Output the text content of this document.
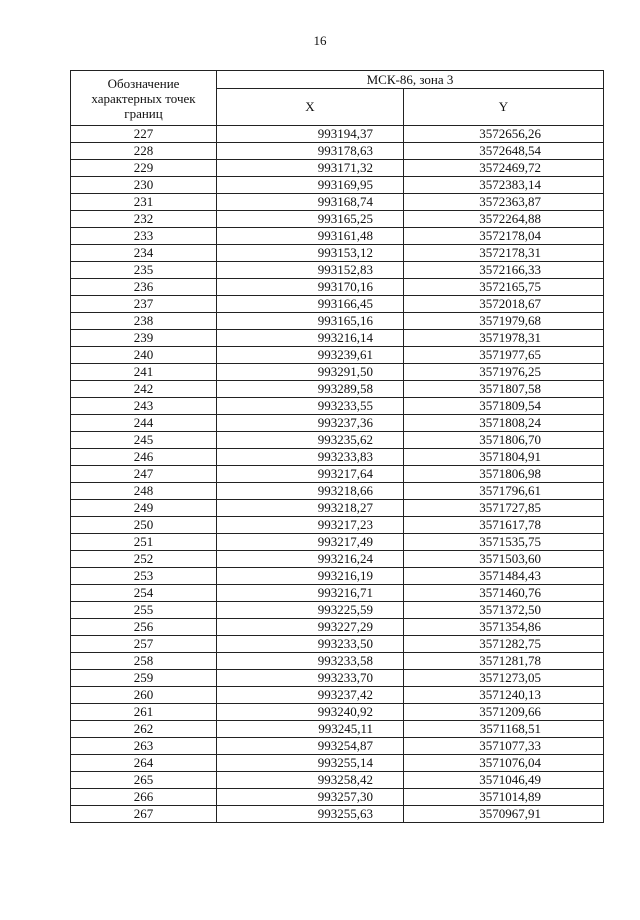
16
Обозначение характерных точек границ	МСК-86, зона 3	
	X	Y
227	993194,37	3572656,26
228	993178,63	3572648,54
229	993171,32	3572469,72
230	993169,95	3572383,14
231	993168,74	3572363,87
232	993165,25	3572264,88
233	993161,48	3572178,04
234	993153,12	3572178,31
235	993152,83	3572166,33
236	993170,16	3572165,75
237	993166,45	3572018,67
238	993165,16	3571979,68
239	993216,14	3571978,31
240	993239,61	3571977,65
241	993291,50	3571976,25
242	993289,58	3571807,58
243	993233,55	3571809,54
244	993237,36	3571808,24
245	993235,62	3571806,70
246	993233,83	3571804,91
247	993217,64	3571806,98
248	993218,66	3571796,61
249	993218,27	3571727,85
250	993217,23	3571617,78
251	993217,49	3571535,75
252	993216,24	3571503,60
253	993216,19	3571484,43
254	993216,71	3571460,76
255	993225,59	3571372,50
256	993227,29	3571354,86
257	993233,50	3571282,75
258	993233,58	3571281,78
259	993233,70	3571273,05
260	993237,42	3571240,13
261	993240,92	3571209,66
262	993245,11	3571168,51
263	993254,87	3571077,33
264	993255,14	3571076,04
265	993258,42	3571046,49
266	993257,30	3571014,89
267	993255,63	3570967,91
